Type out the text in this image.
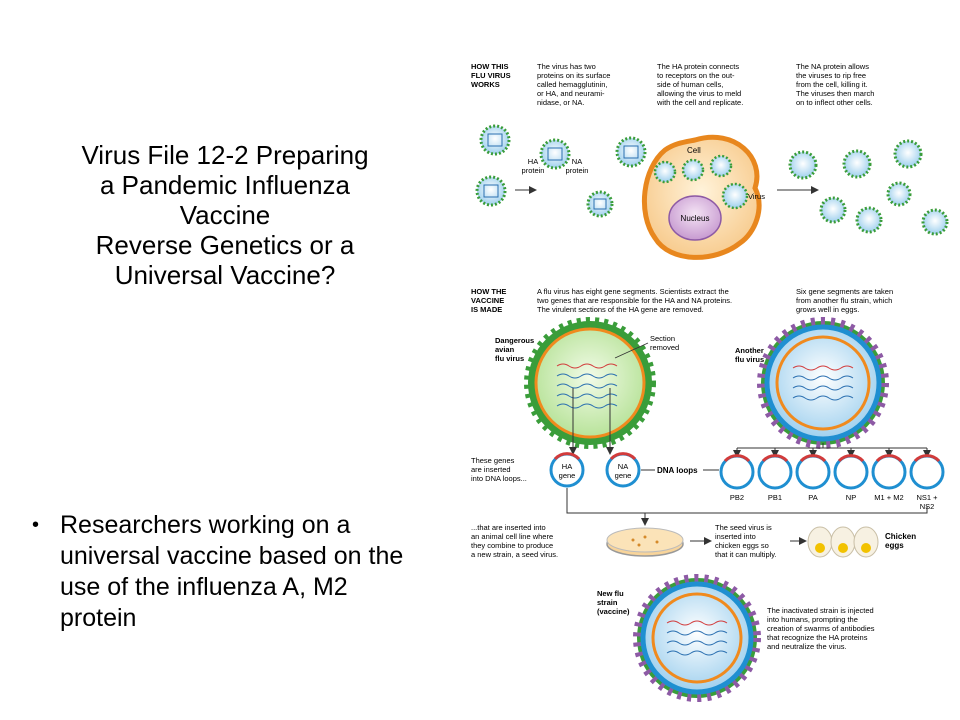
Virus File 12-2 Preparing
a Pandemic Influenza
Vaccine
Reverse Genetics or a
Universal Vaccine?
• Researchers working on a universal vaccine based on the use of the influenza A, M2 protein
HOW THIS
FLU VIRUS
WORKS
The virus has two
proteins on its surface
called hemagglutinin,
or HA, and neurami-
nidase, or NA.
The HA protein connects
to receptors on the out-
side of human cells,
allowing the virus to meld
with the cell and replicate.
The NA protein allows
the viruses to rip free
from the cell, killing it.
The viruses then march
on to inflect other cells.
HA
protein
NA
protein
Cell
Nucleus
Virus
HOW THE
VACCINE
IS MADE
A flu virus has eight gene segments. Scientists extract the
two genes that are responsible for the HA and NA proteins.
The virulent sections of the HA gene are removed.
Six gene segments are taken
from another flu strain, which
grows well in eggs.
Dangerous
avian
flu virus
Section
removed	Another
flu virus
These genes
are inserted
into DNA loops...
HA
gene
NA
gene
DNA loops
PB2	PB1	PA	NP M1 + M2 NS1 +
NS2
...that are inserted into
an animal cell line where
they combine to produce
a new strain, a seed virus.
The seed virus is
inserted into
chicken eggs so
that it can multiply.
Chicken
eggs
New flu
strain
(vaccine)	The inactivated strain is injected
into humans, prompting the
creation of swarms of antibodies
that recognize the HA proteins
and neutralize the virus.
